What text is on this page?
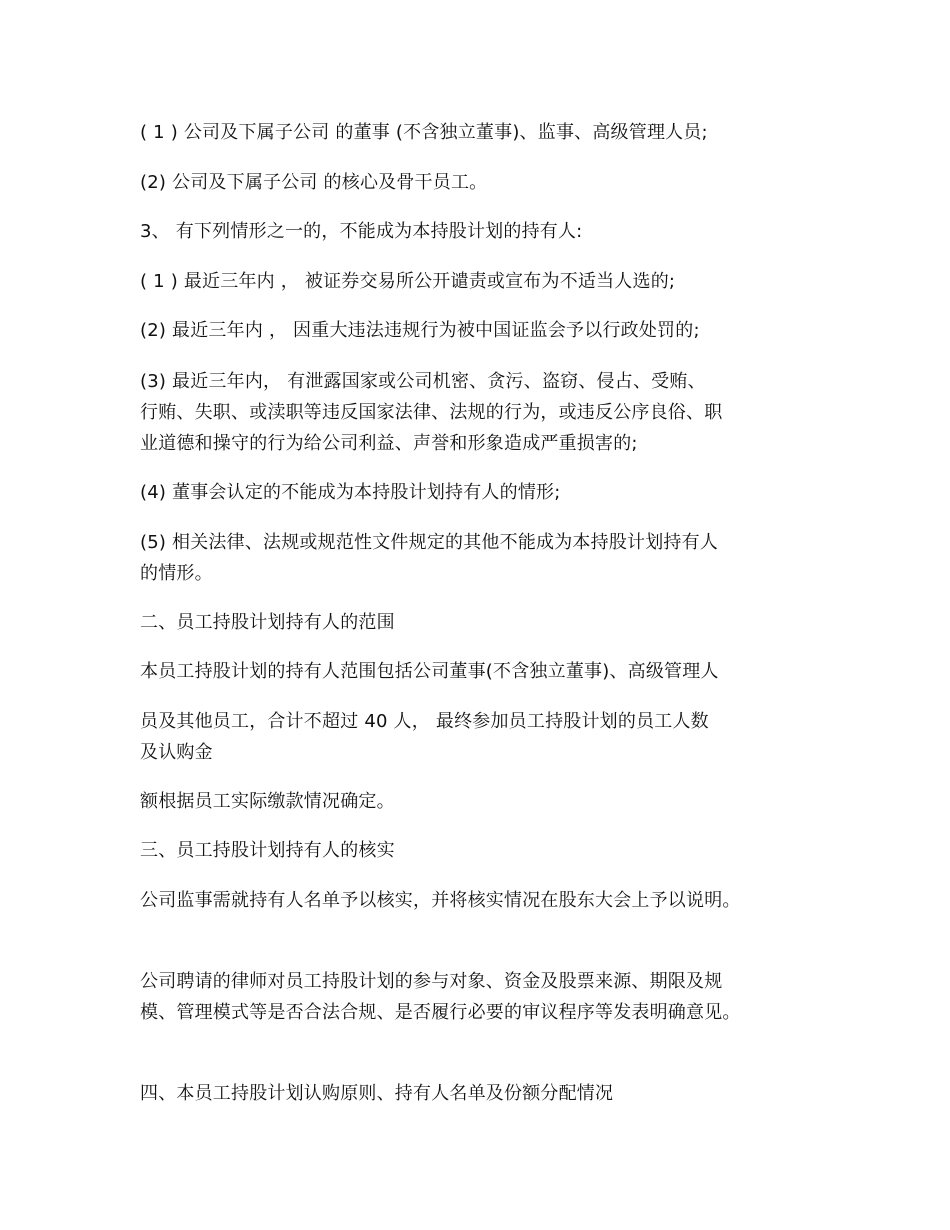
( 1 ) 公司及下属子公司 的董事 (不含独立董事)、监事、高级管理人员;
(2) 公司及下属子公司 的核心及骨干员工。
3、 有下列情形之一的，不能成为本持股计划的持有人:
( 1 ) 最近三年内 ， 被证券交易所公开谴责或宣布为不适当人选的;
(2) 最近三年内 ， 因重大违法违规行为被中国证监会予以行政处罚的;
(3) 最近三年内， 有泄露国家或公司机密、贪污、盗窃、侵占、受贿、
行贿、失职、或渎职等违反国家法律、法规的行为，或违反公序良俗、职
业道德和操守的行为给公司利益、声誉和形象造成严重损害的;
(4) 董事会认定的不能成为本持股计划持有人的情形;
(5) 相关法律、法规或规范性文件规定的其他不能成为本持股计划持有人
的情形。
二、员工持股计划持有人的范围
本员工持股计划的持有人范围包括公司董事(不含独立董事)、高级管理人
员及其他员工，合计不超过 40 人， 最终参加员工持股计划的员工人数
及认购金
额根据员工实际缴款情况确定。
三、员工持股计划持有人的核实
公司监事需就持有人名单予以核实，并将核实情况在股东大会上予以说明。
公司聘请的律师对员工持股计划的参与对象、资金及股票来源、期限及规
模、管理模式等是否合法合规、是否履行必要的审议程序等发表明确意见。
四、本员工持股计划认购原则、持有人名单及份额分配情况
